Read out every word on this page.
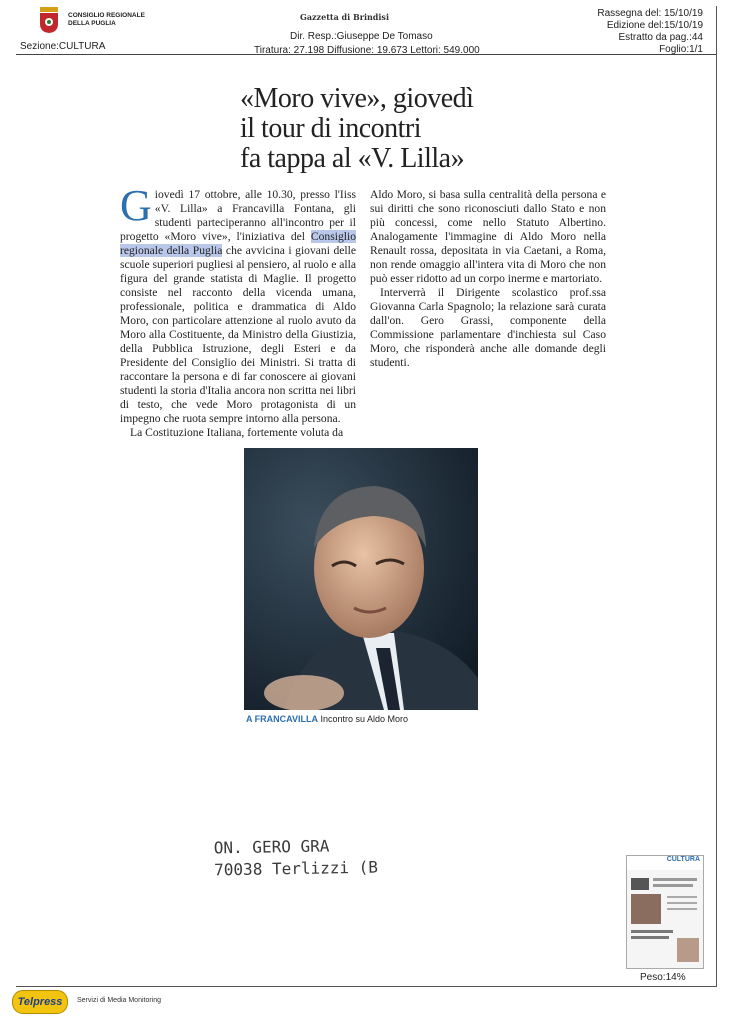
CONSIGLIO REGIONALE
DELLA PUGLIA
Sezione:CULTURA
Gazzetta di Brindisi
Dir. Resp.:Giuseppe De Tomaso
Tiratura: 27.198 Diffusione: 19.673 Lettori: 549.000
Rassegna del: 15/10/19
Edizione del:15/10/19
Estratto da pag.:44
Foglio:1/1
«Moro vive», giovedì
il tour di incontri
fa tappa al «V. Lilla»

Giovedì 17 ottobre, alle 10.30, presso l'Iiss «V. Lilla» a Francavilla Fontana, gli studenti parteciperanno all'incontro per il progetto «Moro vive», l'iniziativa del Consiglio regionale della Puglia che avvicina i giovani delle scuole superiori pugliesi al pensiero, al ruolo e alla figura del grande statista di Maglie. Il progetto consiste nel racconto della vicenda umana, professionale, politica e drammatica di Aldo Moro, con particolare attenzione al ruolo avuto da Moro alla Costituente, da Ministro della Giustizia, della Pubblica Istruzione, degli Esteri e da Presidente del Consiglio dei Ministri. Si tratta di raccontare la persona e di far conoscere ai giovani studenti la storia d'Italia ancora non scritta nei libri di testo, che vede Moro protagonista di un impegno che ruota sempre intorno alla persona.

La Costituzione Italiana, fortemente voluta da

Aldo Moro, si basa sulla centralità della persona e sui diritti che sono riconosciuti dallo Stato e non più concessi, come nello Statuto Albertino. Analogamente l'immagine di Aldo Moro nella Renault rossa, depositata in via Caetani, a Roma, non rende omaggio all'intera vita di Moro che non può esser ridotto ad un corpo inerme e martoriato.

Interverrà il Dirigente scolastico prof.ssa Giovanna Carla Spagnolo; la relazione sarà curata dall'on. Gero Grassi, componente della Commissione parlamentare d'inchiesta sul Caso Moro, che risponderà anche alle domande degli studenti.

A FRANCAVILLA Incontro su Aldo Moro
ON. GERO GRA
70038 Terlizzi (B	CULTURA
Peso:14%
Telpress	Servizi di Media Monitoring
